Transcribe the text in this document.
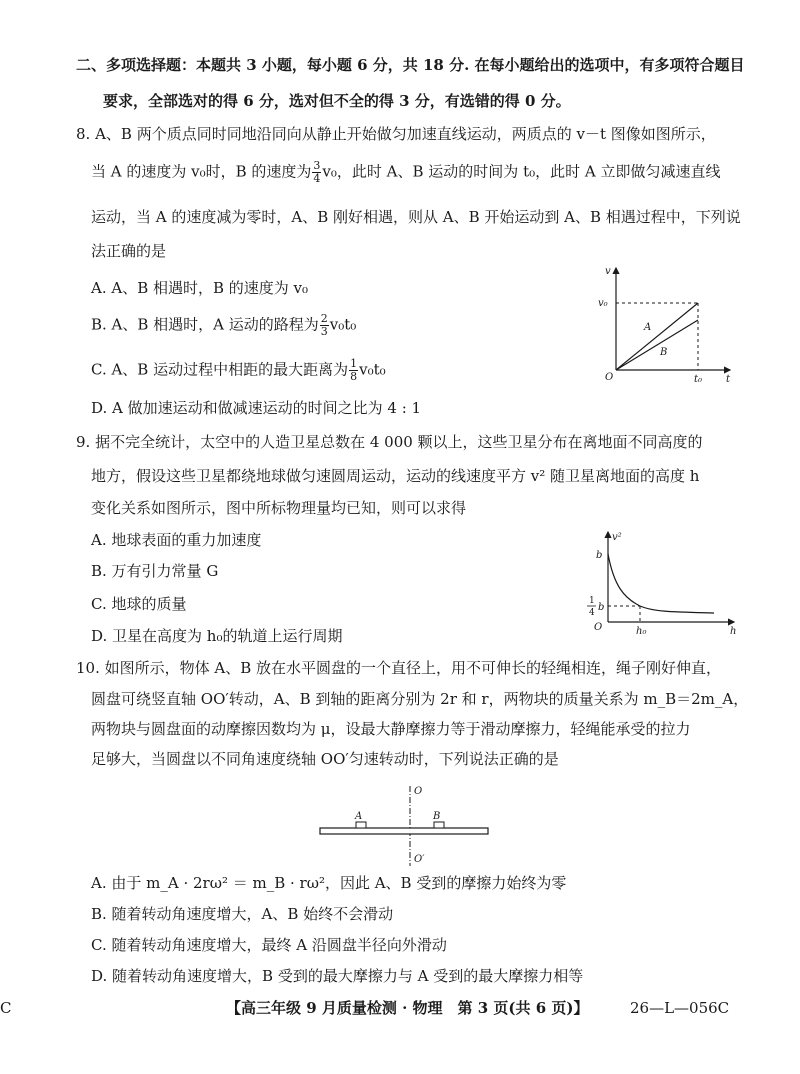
二、多项选择题：本题共 3 小题，每小题 6 分，共 18 分. 在每小题给出的选项中，有多项符合题目
要求，全部选对的得 6 分，选对但不全的得 3 分，有选错的得 0 分。
8. A、B 两个质点同时同地沿同向从静止开始做匀加速直线运动，两质点的 v－t 图像如图所示，
当 A 的速度为 v₀时，B 的速度为 $\frac{3}{4} v_0$，此时 A、B 运动的时间为 t₀，此时 A 立即做匀减速直线
运动，当 A 的速度减为零时，A、B 刚好相遇，则从 A、B 开始运动到 A、B 相遇过程中，下列说
法正确的是
A. A、B 相遇时，B 的速度为 v₀
B. A、B 相遇时，A 运动的路程为 $\frac{2}{3} v_0t_0$
C. A、B 运动过程中相距的最大距离为 $\frac{1}{8} v_0t_0$
D. A 做加速运动和做减速运动的时间之比为 4 : 1
v
t
O
v₀
t₀
A
B
9. 据不完全统计，太空中的人造卫星总数在 4 000 颗以上，这些卫星分布在离地面不同高度的
地方，假设这些卫星都绕地球做匀速圆周运动，运动的线速度平方 v² 随卫星离地面的高度 h
变化关系如图所示，图中所标物理量均已知，则可以求得
A. 地球表面的重力加速度
B. 万有引力常量 G
C. 地球的质量
D. 卫星在高度为 h₀的轨道上运行周期
v²
h
O
b
1
4 b
h₀
10. 如图所示，物体 A、B 放在水平圆盘的一个直径上，用不可伸长的轻绳相连，绳子刚好伸直，
圆盘可绕竖直轴 OO′转动，A、B 到轴的距离分别为 2r 和 r，两物块的质量关系为 m_B＝2m_A，
两物块与圆盘面的动摩擦因数均为 μ，设最大静摩擦力等于滑动摩擦力，轻绳能承受的拉力
足够大，当圆盘以不同角速度绕轴 OO′匀速转动时，下列说法正确的是
O
O′
A	B
A. 由于 m_A · 2rω² ＝ m_B · rω²，因此 A、B 受到的摩擦力始终为零
B. 随着转动角速度增大，A、B 始终不会滑动
C. 随着转动角速度增大，最终 A 沿圆盘半径向外滑动
D. 随着转动角速度增大，B 受到的最大摩擦力与 A 受到的最大摩擦力相等
C	【高三年级 9 月质量检测 · 物理　第 3 页(共 6 页)】	26—L—056C
